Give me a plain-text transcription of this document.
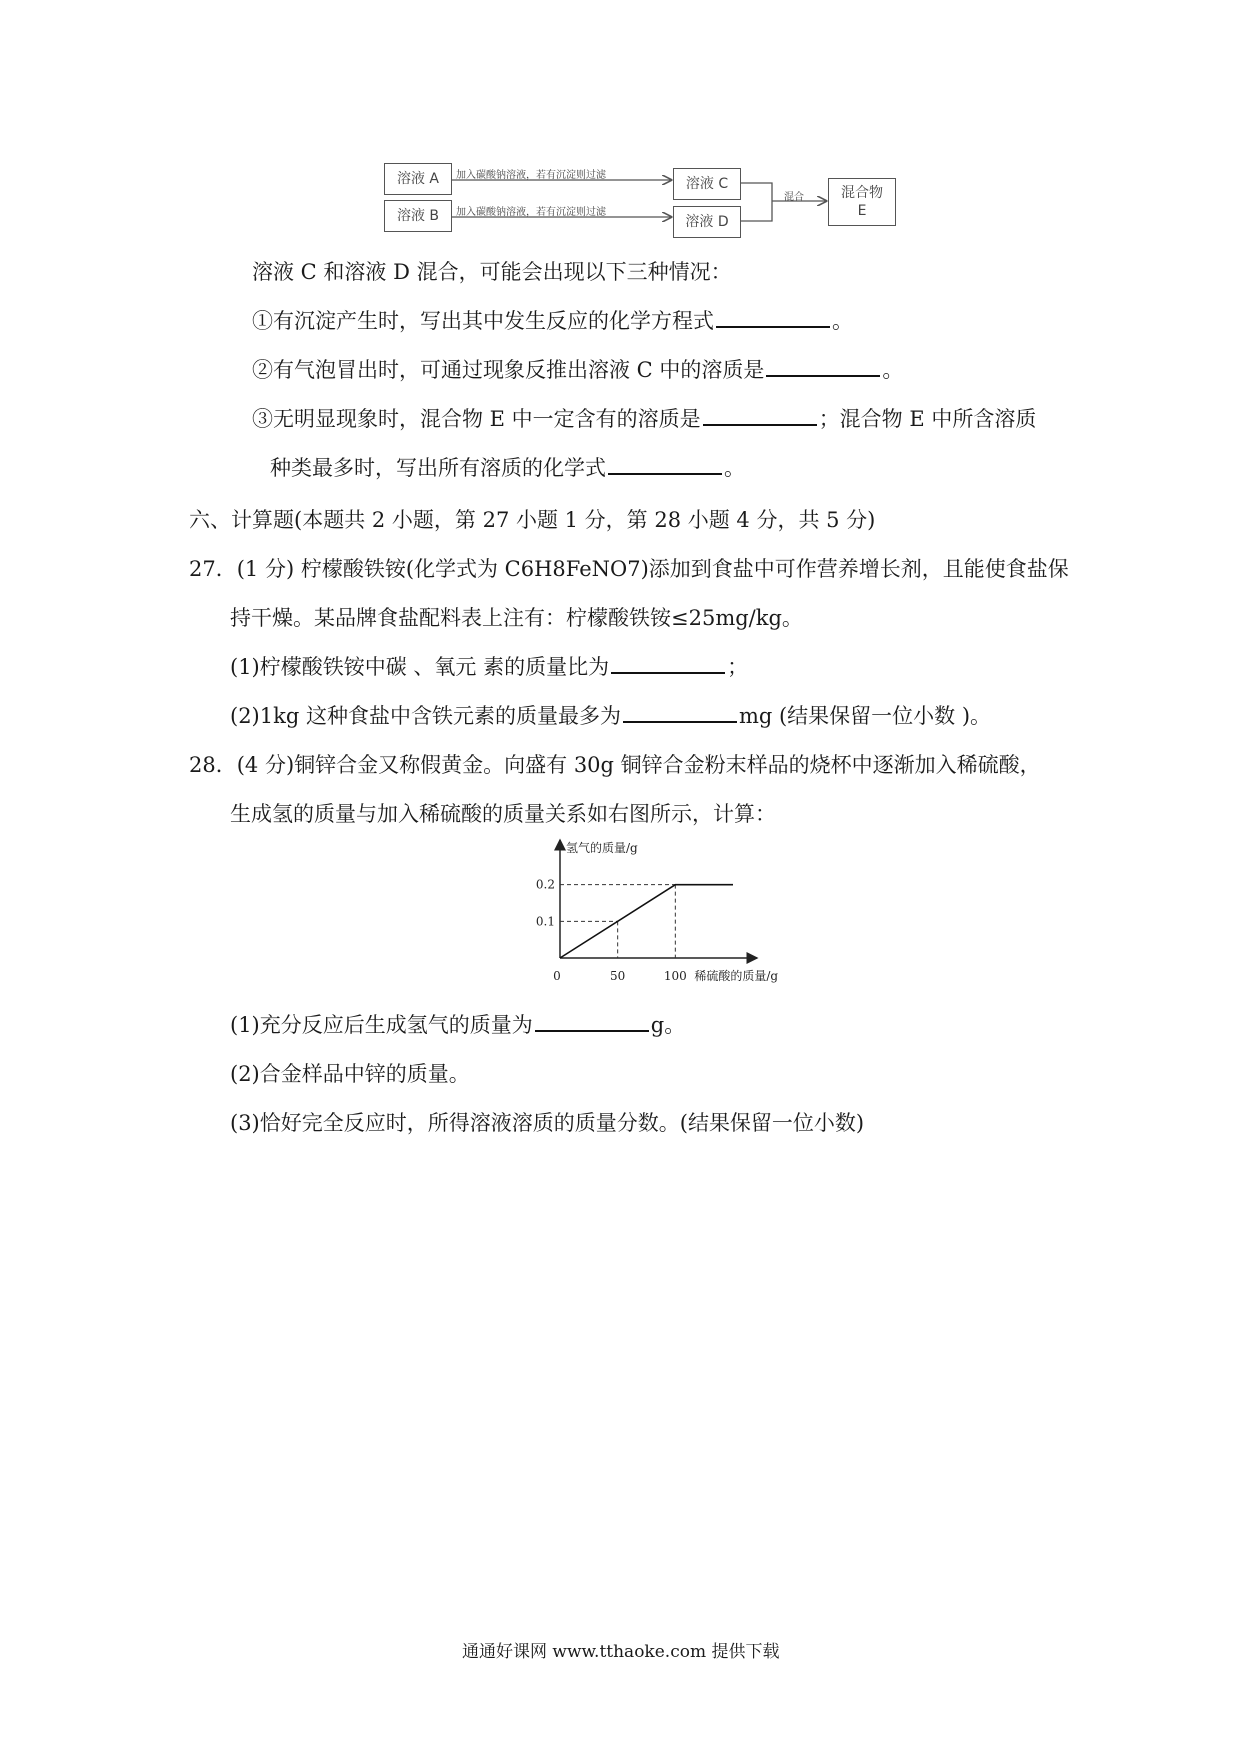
溶液 A
溶液 B
溶液 C
溶液 D
混合物
E
加入碳酸钠溶液，若有沉淀则过滤
加入碳酸钠溶液，若有沉淀则过滤
混合
溶液 C 和溶液 D 混合，可能会出现以下三种情况：
①有沉淀产生时，写出其中发生反应的化学方程式	。
②有气泡冒出时，可通过现象反推出溶液 C 中的溶质是	。
③无明显现象时，混合物 E 中一定含有的溶质是	；混合物 E 中所含溶质
种类最多时，写出所有溶质的化学式	。
六、计算题(本题共 2 小题，第 27 小题 1 分，第 28 小题 4 分，共 5 分)
27．(1 分) 柠檬酸铁铵(化学式为 C6H8FeNO7)添加到食盐中可作营养增长剂，且能使食盐保
持干燥。某品牌食盐配料表上注有：柠檬酸铁铵≤25mg/kg。
(1)柠檬酸铁铵中碳 、氧元 素的质量比为	；
(2)1kg 这种食盐中含铁元素的质量最多为	mg (结果保留一位小数 )。
28．(4 分)铜锌合金又称假黄金。向盛有 30g 铜锌合金粉末样品的烧杯中逐渐加入稀硫酸，
生成氢的质量与加入稀硫酸的质量关系如右图所示，计算：
氢气的质量/g
稀硫酸的质量/g
0	50	100
0.1
0.2
(1)充分反应后生成氢气的质量为	g。
(2)合金样品中锌的质量。
(3)恰好完全反应时，所得溶液溶质的质量分数。(结果保留一位小数)
通通好课网 www.tthaoke.com 提供下载
